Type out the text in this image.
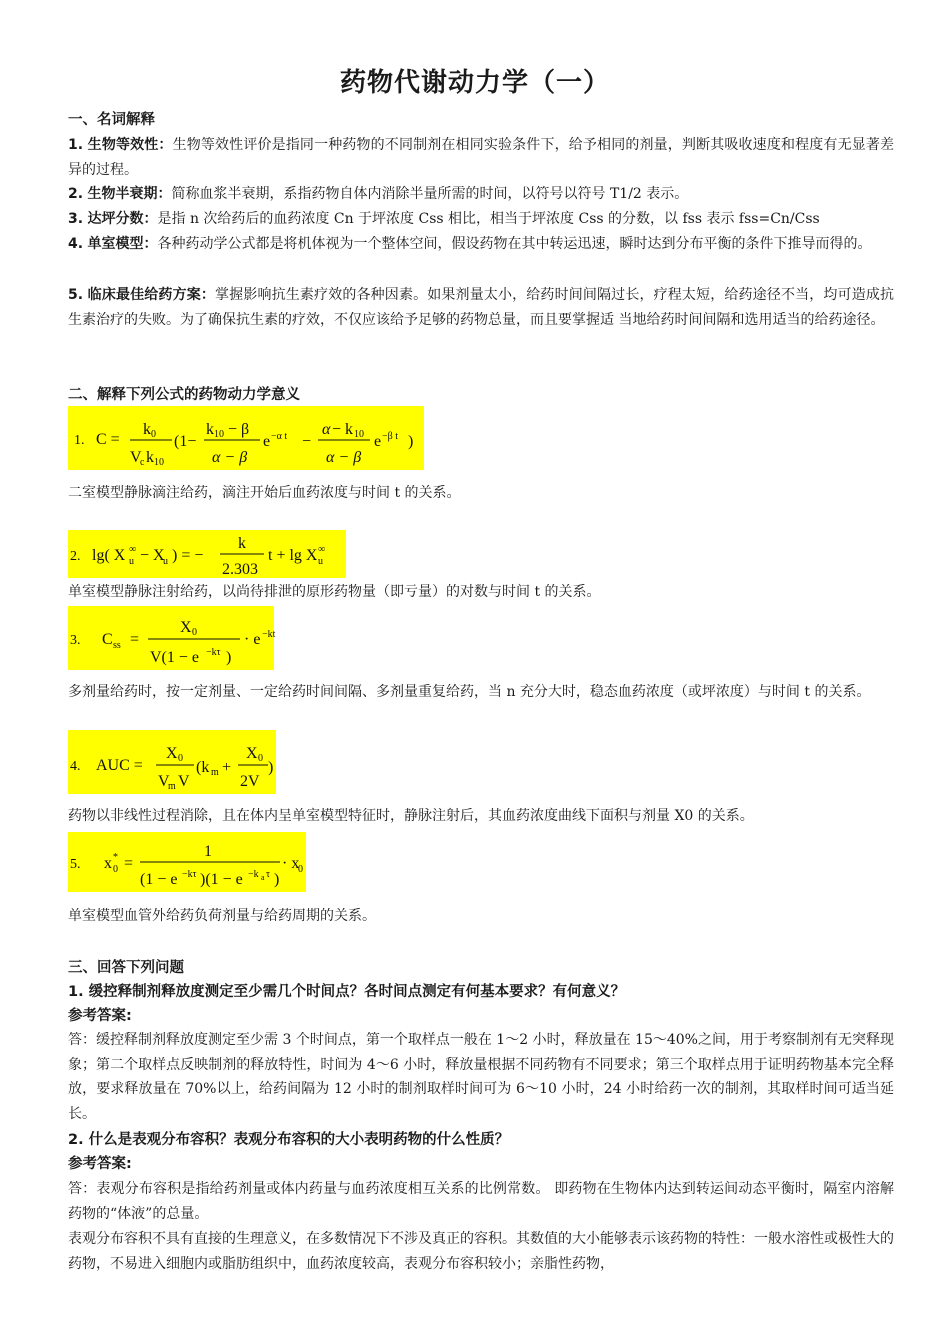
药物代谢动力学（一）
一、名词解释
1. 生物等效性：生物等效性评价是指同一种药物的不同制剂在相同实验条件下，给予相同的剂量，判断其吸收速度和程度有无显著差异的过程。
2. 生物半衰期：简称血浆半衰期，系指药物自体内消除半量所需的时间，以符号以符号 T1/2 表示。
3. 达坪分数：是指 n 次给药后的血药浓度 Cn 于坪浓度 Css 相比，相当于坪浓度 Css 的分数，以 fss 表示 fss=Cn/Css
4. 单室模型：各种药动学公式都是将机体视为一个整体空间，假设药物在其中转运迅速，瞬时达到分布平衡的条件下推导而得的。
5. 临床最佳给药方案：掌握影响抗生素疗效的各种因素。如果剂量太小，给药时间间隔过长，疗程太短，给药途径不当，均可造成抗生素治疗的失败。为了确保抗生素的疗效，不仅应该给予足够的药物总量，而且要掌握适 当地给药时间间隔和选用适当的给药途径。
二、解释下列公式的药物动力学意义
1. C =
k 0
V
c k 10
(1−
k 10 − β
α − β
e −α t −
α − k 10
α − β
e −β t )
二室模型静脉滴注给药，滴注开始后血药浓度与时间 t 的关系。
2. lg( X u
∞ − X
u ) = −
k
2.303
t + lg X u
∞
单室模型静脉注射给药，以尚待排泄的原形药物量（即亏量）的对数与时间 t 的关系。
3. C ss =
X 0
V(1 − e −kτ )
· e −kt
多剂量给药时，按一定剂量、一定给药时间间隔、多剂量重复给药，当 n 充分大时，稳态血药浓度（或坪浓度）与时间 t 的关系。
4. AUC =
X 0
V
m V
(k m +
X 0
2V
)
药物以非线性过程消除，且在体内呈单室模型特征时，静脉注射后，其血药浓度曲线下面积与剂量 X0 的关系。
5. x 0
* =
1
(1 − e −kτ )(1 − e −k a τ )
· x
0
单室模型血管外给药负荷剂量与给药周期的关系。
三、回答下列问题
1. 缓控释制剂释放度测定至少需几个时间点？各时间点测定有何基本要求？有何意义？
参考答案:
答：缓控释制剂释放度测定至少需 3 个时间点，第一个取样点一般在 1～2 小时，释放量在 15～40%之间，用于考察制剂有无突释现象；第二个取样点反映制剂的释放特性，时间为 4～6 小时，释放量根据不同药物有不同要求；第三个取样点用于证明药物基本完全释放，要求释放量在 70%以上，给药间隔为 12 小时的制剂取样时间可为 6～10 小时，24 小时给药一次的制剂，其取样时间可适当延长。
2. 什么是表观分布容积？表观分布容积的大小表明药物的什么性质？
参考答案:
答：表观分布容积是指给药剂量或体内药量与血药浓度相互关系的比例常数。 即药物在生物体内达到转运间动态平衡时，隔室内溶解药物的“体液”的总量。
表观分布容积不具有直接的生理意义，在多数情况下不涉及真正的容积。其数值的大小能够表示该药物的特性：一般水溶性或极性大的药物，不易进入细胞内或脂肪组织中，血药浓度较高，表观分布容积较小；亲脂性药物，
